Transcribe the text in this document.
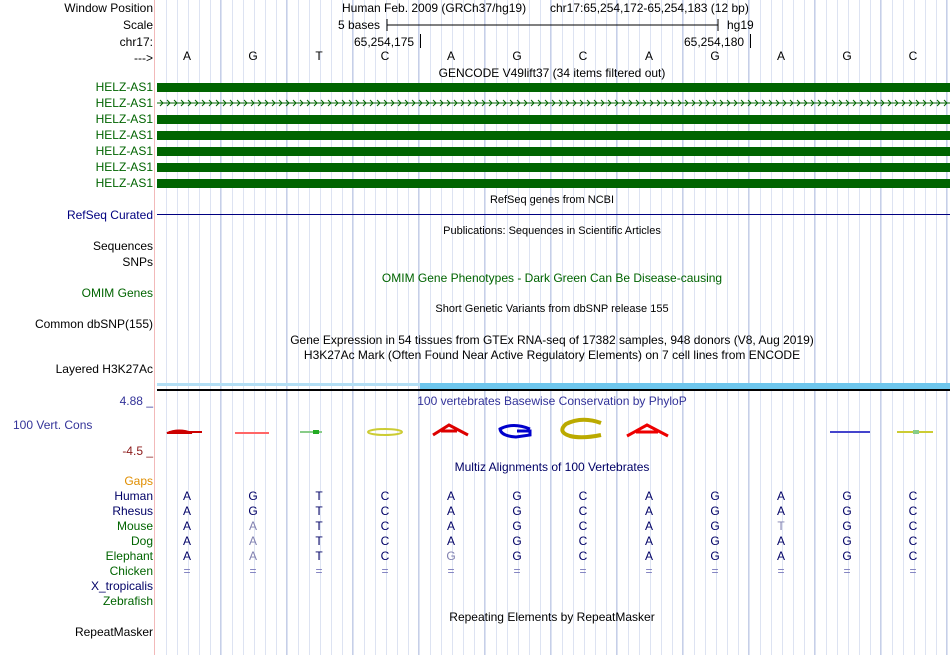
Window Position	Human Feb. 2009 (GRCh37/hg19) chr17:65,254,172-65,254,183 (12 bp)
Scale	5 bases	hg19
chr17:	65,254,175	65,254,180
---> A	G	T	C	A	G	C	A	G	A	G	C
GENCODE V49lift37 (34 items filtered out)
HELZ-AS1
HELZ-AS1
HELZ-AS1
HELZ-AS1
HELZ-AS1
HELZ-AS1
HELZ-AS1
RefSeq genes from NCBI
RefSeq Curated
Publications: Sequences in Scientific Articles
Sequences
SNPs
OMIM Gene Phenotypes - Dark Green Can Be Disease-causing
OMIM Genes
Short Genetic Variants from dbSNP release 155
Common dbSNP(155)
Gene Expression in 54 tissues from GTEx RNA-seq of 17382 samples, 948 donors (V8, Aug 2019)
H3K27Ac Mark (Often Found Near Active Regulatory Elements) on 7 cell lines from ENCODE
Layered H3K27Ac
100 vertebrates Basewise Conservation by PhyloP
4.88 _
100 Vert. Cons
-4.5 _
Multiz Alignments of 100 Vertebrates
Gaps
Human A	G	T	C	A	G	C	A	G	A	G	C
Rhesus A	G	T	C	A	G	C	A	G	A	G	C
Mouse A	A	T	C	A	G	C	A	G	T	G	C
Dog A	A	T	C	A	G	C	A	G	A	G	C
Elephant A	A	T	C	G	G	C	A	G	A	G	C
Chicken	=	=	=	=	=	=	=	=	=	=	=	=
X_tropicalis
Zebrafish
Repeating Elements by RepeatMasker
RepeatMasker
